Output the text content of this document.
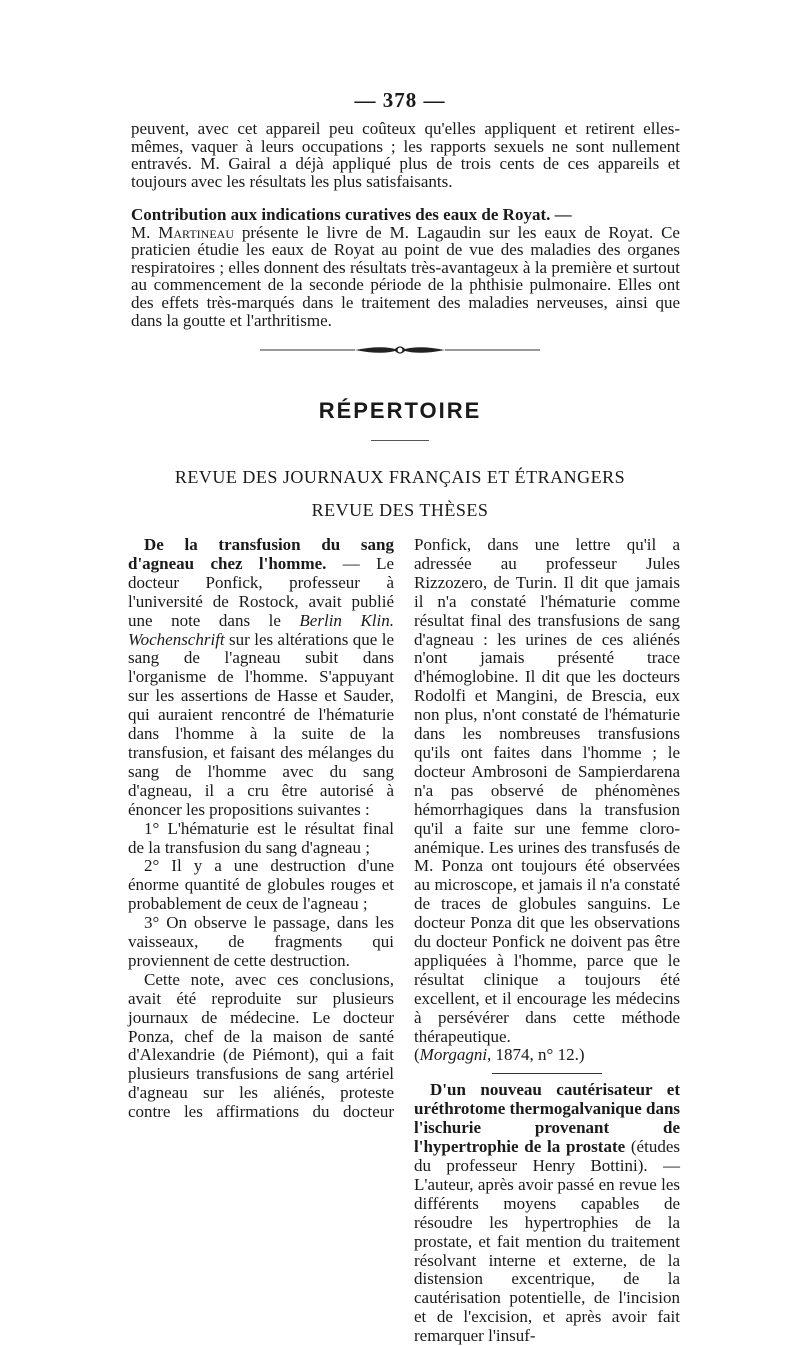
— 378 —

peuvent, avec cet appareil peu coûteux qu'elles appliquent et retirent elles-mêmes, vaquer à leurs occupations ; les rapports sexuels ne sont nullement entravés. M. Gairal a déjà appliqué plus de trois cents de ces appareils et toujours avec les résultats les plus satisfaisants.

Contribution aux indications curatives des eaux de Royat. —
M. Martineau présente le livre de M. Lagaudin sur les eaux de Royat. Ce praticien étudie les eaux de Royat au point de vue des maladies des organes respiratoires ; elles donnent des résultats très-avantageux à la première et surtout au commencement de la seconde période de la phthisie pulmonaire. Elles ont des effets très-marqués dans le traitement des maladies nerveuses, ainsi que dans la goutte et l'arthritisme.

RÉPERTOIRE
REVUE DES JOURNAUX FRANÇAIS ET ÉTRANGERS
REVUE DES THÈSES

De la transfusion du sang d'agneau chez l'homme. — Le docteur Ponfick, professeur à l'université de Rostock, avait publié une note dans le Berlin Klin. Wochenschrift sur les altérations que le sang de l'agneau subit dans l'organisme de l'homme. S'appuyant sur les assertions de Hasse et Sauder, qui auraient rencontré de l'hématurie dans l'homme à la suite de la transfusion, et faisant des mélanges du sang de l'homme avec du sang d'agneau, il a cru être autorisé à énoncer les propositions suivantes :

1° L'hématurie est le résultat final de la transfusion du sang d'agneau ;

2° Il y a une destruction d'une énorme quantité de globules rouges et probablement de ceux de l'agneau ;

3° On observe le passage, dans les vaisseaux, de fragments qui proviennent de cette destruction.

Cette note, avec ces conclusions, avait été reproduite sur plusieurs journaux de médecine. Le docteur Ponza, chef de la maison de santé d'Alexandrie (de Piémont), qui a fait plusieurs transfusions de sang artériel d'agneau sur les aliénés, proteste contre les affirmations du docteur

Ponfick, dans une lettre qu'il a adressée au professeur Jules Rizzozero, de Turin. Il dit que jamais il n'a constaté l'hématurie comme résultat final des transfusions de sang d'agneau : les urines de ces aliénés n'ont jamais présenté trace d'hémoglobine. Il dit que les docteurs Rodolfi et Mangini, de Brescia, eux non plus, n'ont constaté de l'hématurie dans les nombreuses transfusions qu'ils ont faites dans l'homme ; le docteur Ambrosoni de Sampierdarena n'a pas observé de phénomènes hémorrhagiques dans la transfusion qu'il a faite sur une femme cloro-anémique. Les urines des transfusés de M. Ponza ont toujours été observées au microscope, et jamais il n'a constaté de traces de globules sanguins. Le docteur Ponza dit que les observations du docteur Ponfick ne doivent pas être appliquées à l'homme, parce que le résultat clinique a toujours été excellent, et il encourage les médecins à persévérer dans cette méthode thérapeutique.

(Morgagni, 1874, n° 12.)

D'un nouveau cautérisateur et uréthrotome thermogalvanique dans l'ischurie provenant de l'hypertrophie de la prostate (études du professeur Henry Bottini). — L'auteur, après avoir passé en revue les différents moyens capables de résoudre les hypertrophies de la prostate, et fait mention du traitement résolvant interne et externe, de la distension excentrique, de la cautérisation potentielle, de l'incision et de l'excision, et après avoir fait remarquer l'insuf-
